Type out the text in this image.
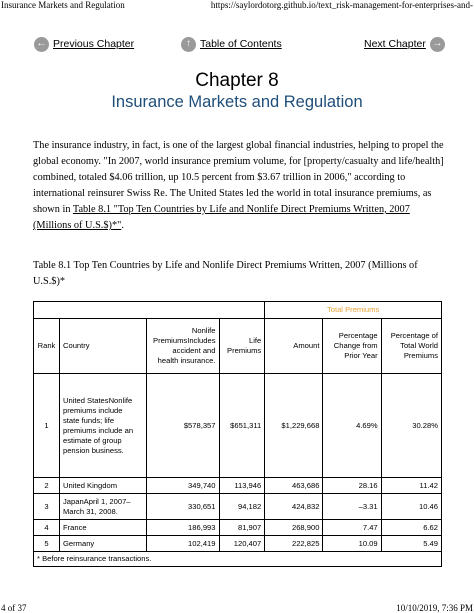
Insurance Markets and Regulation	https://saylordotorg.github.io/text_risk-management-for-enterprises-and-
← Previous Chapter	↑ Table of Contents	Next Chapter →
Chapter 8
Insurance Markets and Regulation
The insurance industry, in fact, is one of the largest global financial industries, helping to propel the global economy. "In 2007, world insurance premium volume, for [property/casualty and life/health] combined, totaled $4.06 trillion, up 10.5 percent from $3.67 trillion in 2006," according to international reinsurer Swiss Re. The United States led the world in total insurance premiums, as shown in Table 8.1 "Top Ten Countries by Life and Nonlife Direct Premiums Written, 2007 (Millions of U.S.$)*".
Table 8.1 Top Ten Countries by Life and Nonlife Direct Premiums Written, 2007 (Millions of U.S.$)*
				Total Premiums		
Rank	Country	Nonlife PremiumsIncludes accident and health insurance.	Life Premiums	Amount	Percentage Change from Prior Year	Percentage of Total World Premiums
1	United StatesNonlife premiums include state funds; life premiums include an estimate of group pension business.	$578,357	$651,311	$1,229,668	4.69%	30.28%
2	United Kingdom	349,740	113,946	463,686	28.16	11.42
3	JapanApril 1, 2007–March 31, 2008.	330,651	94,182	424,832	–3.31	10.46
4	France	186,993	81,907	268,900	7.47	6.62
5	Germany	102,419	120,407	222,825	10.09	5.49
* Before reinsurance transactions.						
4 of 37	10/10/2019, 7:36 PM
